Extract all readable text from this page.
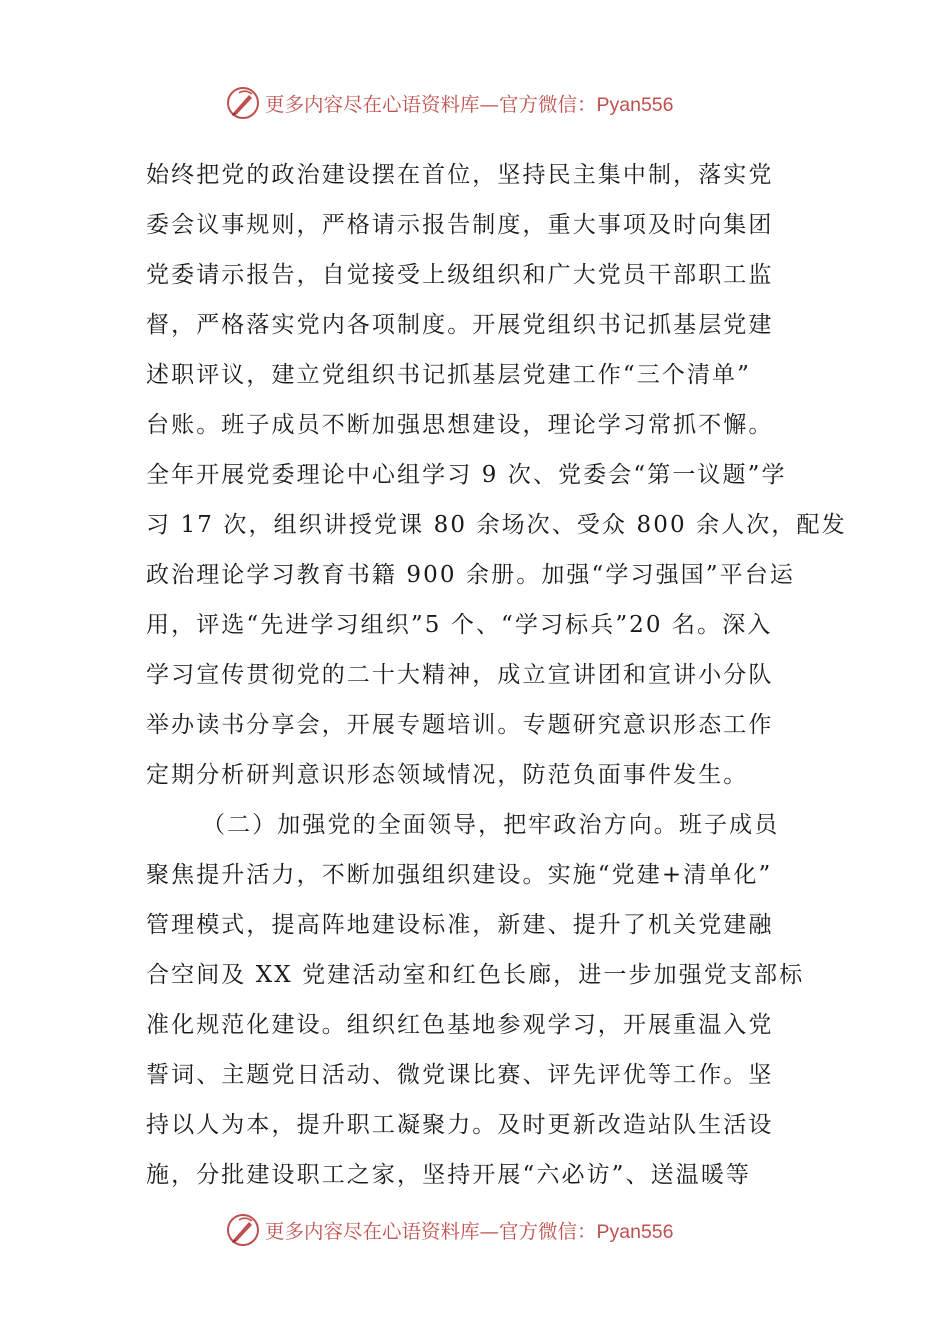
更多内容尽在心语资料库—官方微信：Pyan556
始终把党的政治建设摆在首位，坚持民主集中制，落实党
委会议事规则，严格请示报告制度，重大事项及时向集团
党委请示报告，自觉接受上级组织和广大党员干部职工监
督，严格落实党内各项制度。开展党组织书记抓基层党建
述职评议，建立党组织书记抓基层党建工作“三个清单”
台账。班子成员不断加强思想建设，理论学习常抓不懈。
全年开展党委理论中心组学习 9 次、党委会“第一议题”学
习 17 次，组织讲授党课 80 余场次、受众 800 余人次，配发
政治理论学习教育书籍 900 余册。加强“学习强国”平台运
用，评选“先进学习组织”5 个、“学习标兵”20 名。深入
学习宣传贯彻党的二十大精神，成立宣讲团和宣讲小分队
举办读书分享会，开展专题培训。专题研究意识形态工作
定期分析研判意识形态领域情况，防范负面事件发生。
（二）加强党的全面领导，把牢政治方向。班子成员
聚焦提升活力，不断加强组织建设。实施“党建+清单化”
管理模式，提高阵地建设标准，新建、提升了机关党建融
合空间及 XX 党建活动室和红色长廊，进一步加强党支部标
准化规范化建设。组织红色基地参观学习，开展重温入党
誓词、主题党日活动、微党课比赛、评先评优等工作。坚
持以人为本，提升职工凝聚力。及时更新改造站队生活设
施，分批建设职工之家，坚持开展“六必访”、送温暖等
更多内容尽在心语资料库—官方微信：Pyan556
